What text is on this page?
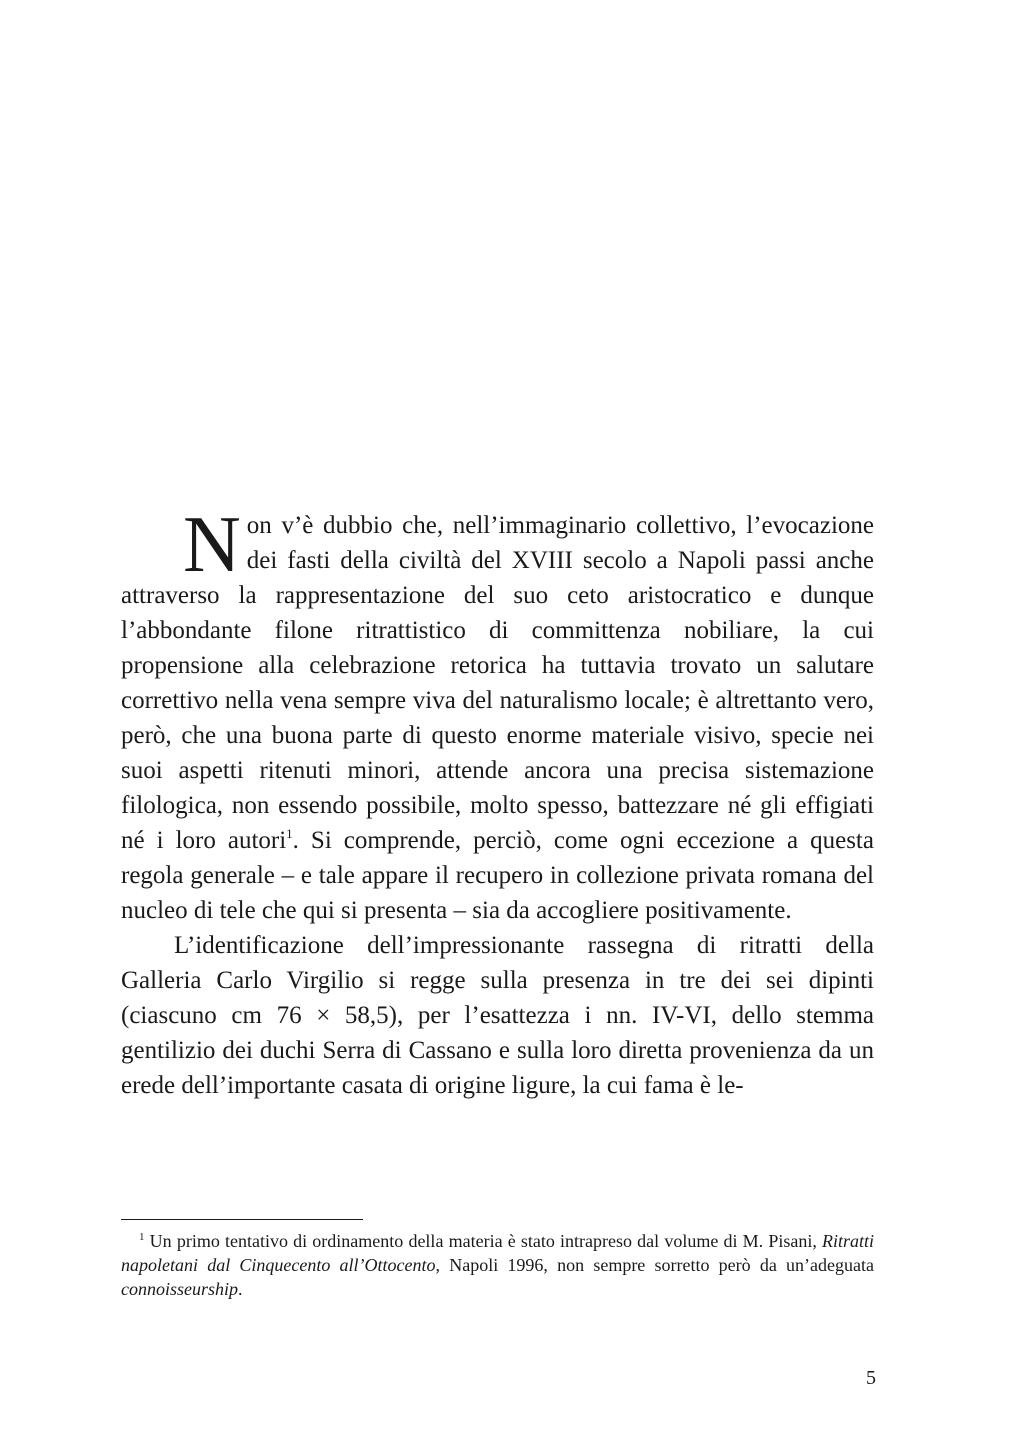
Non v’è dubbio che, nell’immaginario collettivo, l’evocazione dei fasti della civiltà del XVIII secolo a Napoli passi anche attraverso la rappresentazione del suo ceto aristocratico e dunque l’abbondante filone ritrattistico di committenza nobiliare, la cui propensione alla celebrazione retorica ha tuttavia trovato un salutare correttivo nella vena sempre viva del naturalismo locale; è altrettanto vero, però, che una buona parte di questo enorme materiale visivo, specie nei suoi aspetti ritenuti minori, attende ancora una precisa sistemazione filologica, non essendo possibile, molto spesso, battezzare né gli effigiati né i loro autori$^1$. Si comprende, perciò, come ogni eccezione a questa regola generale – e tale appare il recupero in collezione privata romana del nucleo di tele che qui si presenta – sia da accogliere positivamente.

L’identificazione dell’impressionante rassegna di ritratti della Galleria Carlo Virgilio si regge sulla presenza in tre dei sei dipinti (ciascuno cm 76 × 58,5), per l’esattezza i nn. IV-VI, dello stemma gentilizio dei duchi Serra di Cassano e sulla loro diretta provenienza da un erede dell’importante casata di origine ligure, la cui fama è le-

$^1$ Un primo tentativo di ordinamento della materia è stato intrapreso dal volume di M. Pisani, Ritratti napoletani dal Cinquecento all’Ottocento, Napoli 1996, non sempre sorretto però da un’adeguata connoisseurship.
5
